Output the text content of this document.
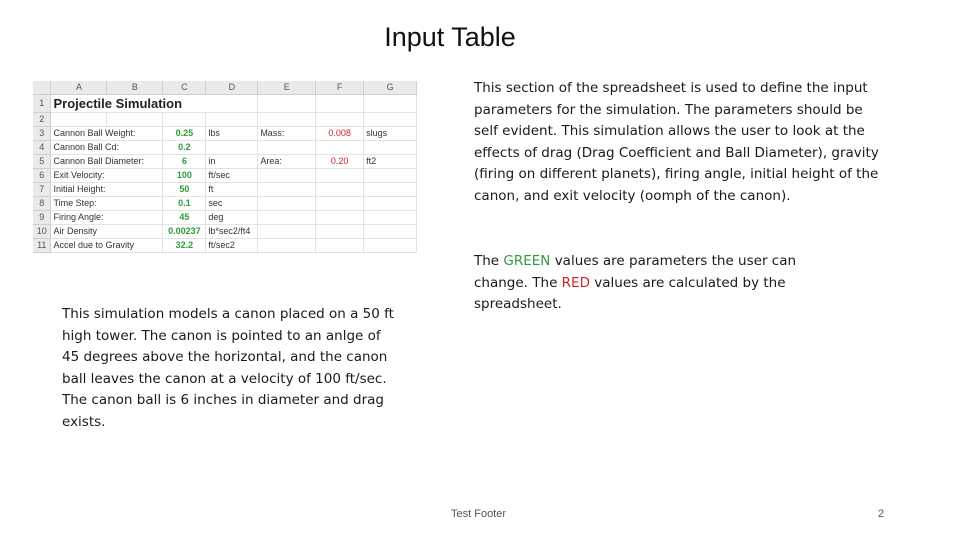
Input Table
	A	B	C	D	E	F	G
1	Projectile Simulation						
2							
3	Cannon Ball Weight:		0.25	lbs	Mass:	0.008	slugs
4	Cannon Ball Cd:		0.2				
5	Cannon Ball Diameter:		6	in	Area:	0.20	ft2
6	Exit Velocity:		100	ft/sec			
7	Initial Height:		50	ft			
8	Time Step:		0.1	sec			
9	Firing Angle:		45	deg			
10	Air Density		0.00237	lb*sec2/ft4			
11	Accel due to Gravity		32.2	ft/sec2			

This section of the spreadsheet is used to define the input parameters for the simulation. The parameters should be self evident. This simulation allows the user to look at the effects of drag (Drag Coefficient and Ball Diameter), gravity (firing on different planets), firing angle, initial height of the canon, and exit velocity (oomph of the canon).

The GREEN values are parameters the user can change. The RED values are calculated by the spreadsheet.

This simulation models a canon placed on a 50 ft high tower. The canon is pointed to an anlge of 45 degrees above the horizontal, and the canon ball leaves the canon at a velocity of 100 ft/sec. The canon ball is 6 inches in diameter and drag exists.

Test Footer	2
